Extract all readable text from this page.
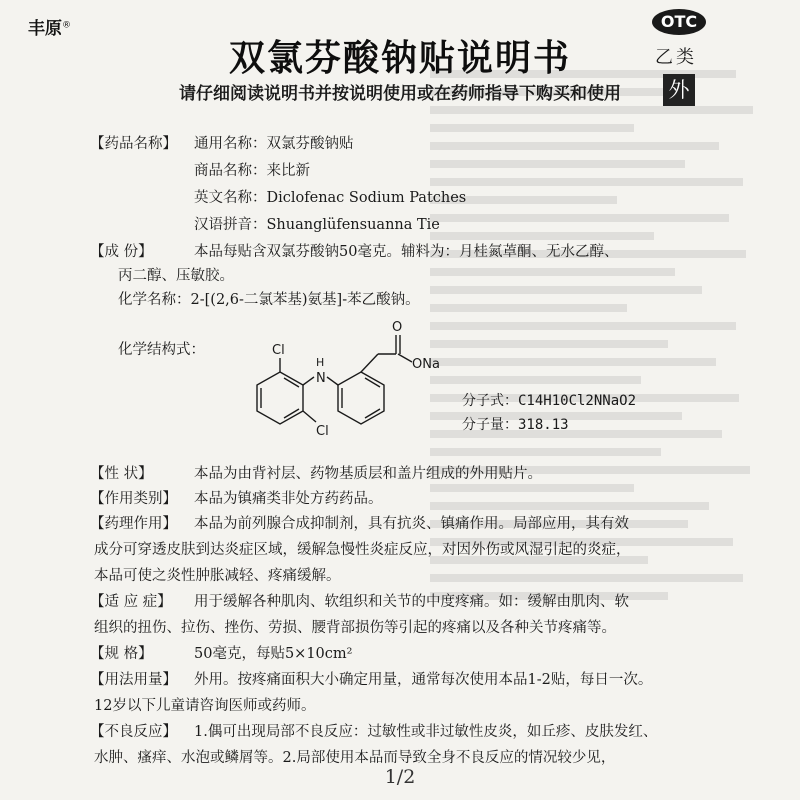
丰原®
双氯芬酸钠贴说明书
请仔细阅读说明书并按说明使用或在药师指导下购买和使用
OTC
乙类
外
【药品名称】 通用名称：双氯芬酸钠贴
商品名称：来比新
英文名称：Diclofenac Sodium Patches
汉语拼音：Shuanglüfensuanna Tie
【成 份】	本品每贴含双氯芬酸钠50毫克。辅料为：月桂氮䓬酮、无水乙醇、
丙二醇、压敏胶。
化学名称：2-[(2,6-二氯苯基)氨基]-苯乙酸钠。
化学结构式：	Cl
Cl
N
H
O
ONa
分子式：C14H10Cl2NNaO2
分子量：318.13
【性 状】	本品为由背衬层、药物基质层和盖片组成的外用贴片。
【作用类别】 本品为镇痛类非处方药药品。
【药理作用】 本品为前列腺合成抑制剂，具有抗炎、镇痛作用。局部应用，其有效
成分可穿透皮肤到达炎症区域，缓解急慢性炎症反应，对因外伤或风湿引起的炎症，
本品可使之炎性肿胀减轻、疼痛缓解。
【适 应 症】 用于缓解各种肌肉、软组织和关节的中度疼痛。如：缓解由肌肉、软
组织的扭伤、拉伤、挫伤、劳损、腰背部损伤等引起的疼痛以及各种关节疼痛等。
【规 格】	50毫克，每贴5×10cm²
【用法用量】 外用。按疼痛面积大小确定用量，通常每次使用本品1-2贴，每日一次。
12岁以下儿童请咨询医师或药师。
【不良反应】 1.偶可出现局部不良反应：过敏性或非过敏性皮炎，如丘疹、皮肤发红、
水肿、瘙痒、水泡或鳞屑等。2.局部使用本品而导致全身不良反应的情况较少见，
1/2
